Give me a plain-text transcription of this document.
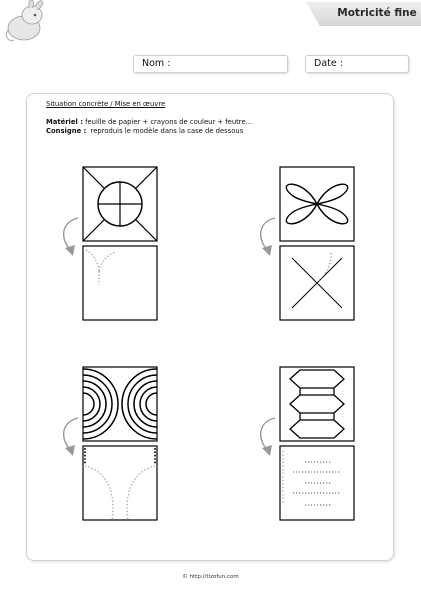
Motricité fine
Nom :	Date :
Situation concrète / Mise en œuvre
Matériel : feuille de papier + crayons de couleur + feutre...
Consigne : reproduis le modèle dans la case de dessous
© http://tizofun.com
